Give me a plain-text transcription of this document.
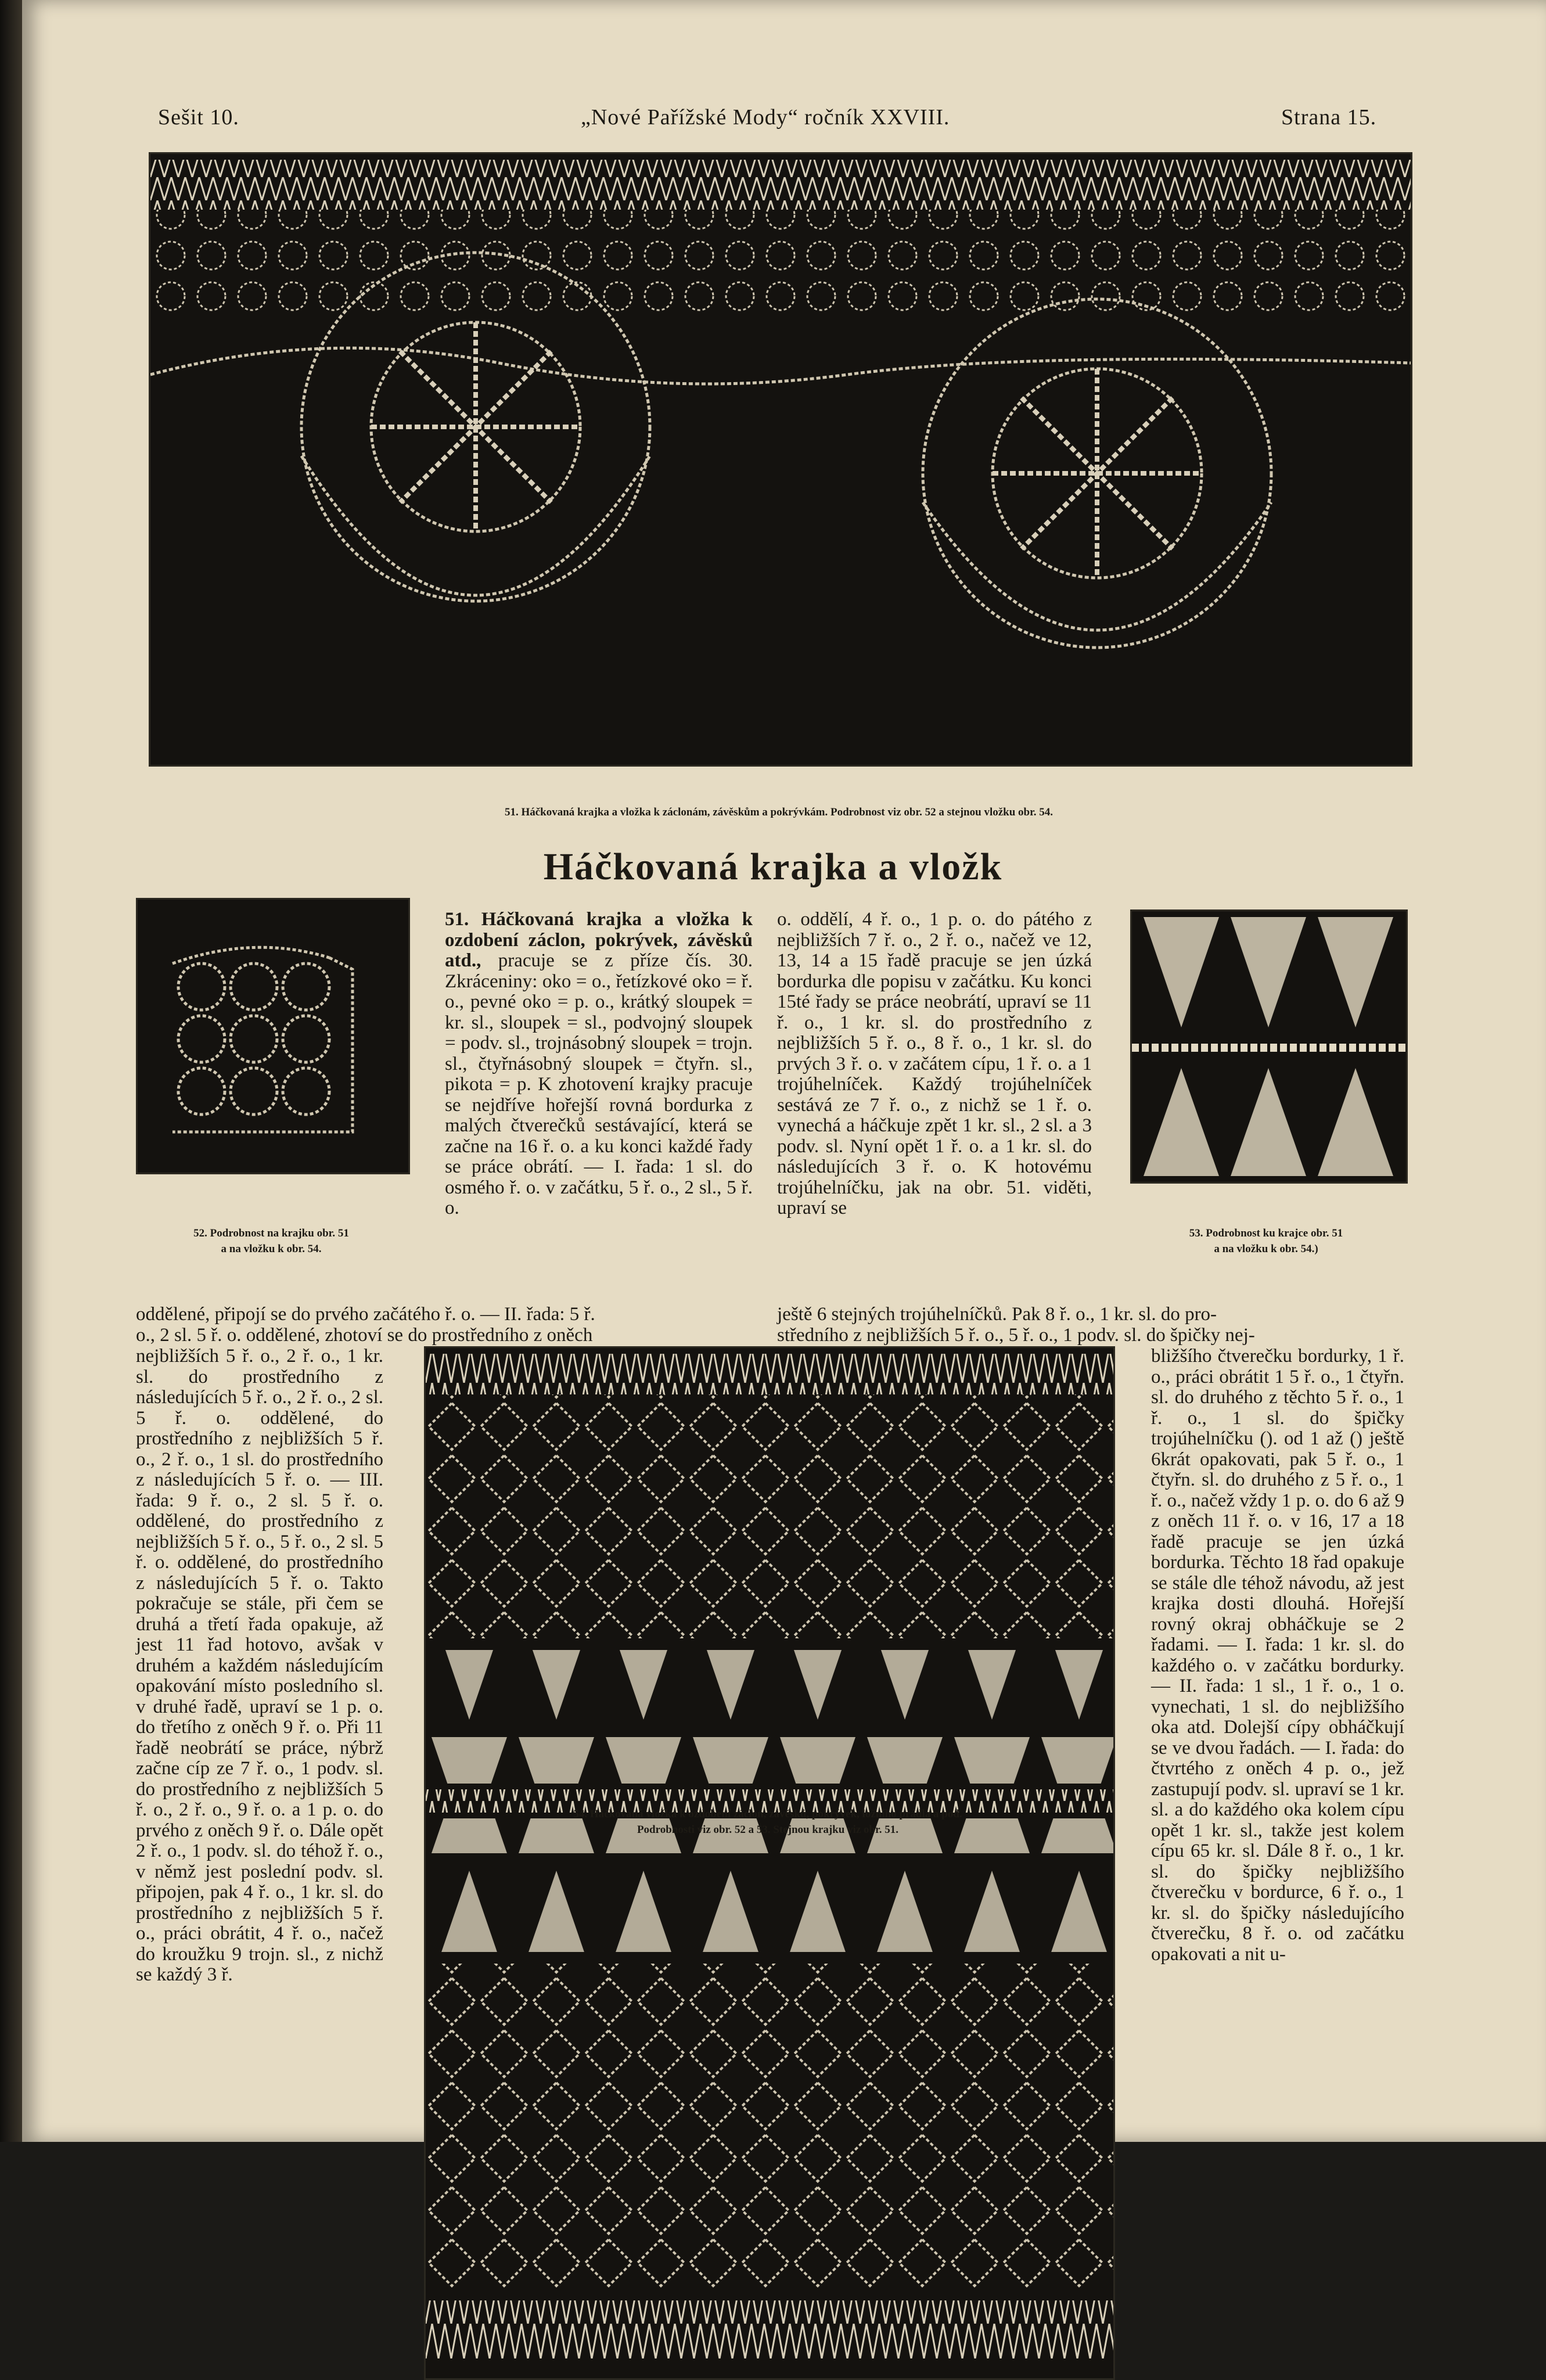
Sešit 10.	„Nové Pařížské Mody“ ročník XXVIII.	Strana 15.
51. Háčkovaná krajka a vložka k záclonám, závěskům a pokrývkám. Podrobnost viz obr. 52 a stejnou vložku obr. 54.
Háčkovaná krajka a vložk
52. Podrobnost na krajku obr. 51
a na vložku k obr. 54.
53. Podrobnost ku krajce obr. 51
a na vložku k obr. 54.)

51. Háčkovaná krajka a vložka k ozdobení záclon, pokrývek, závěsků atd., pracuje se z příze čís. 30. Zkráceniny: oko = o., řetízkové oko = ř. o., pevné oko = p. o., krátký sloupek = kr. sl., sloupek = sl., podvojný sloupek = podv. sl., trojnásobný sloupek = trojn. sl., čtyřnásobný sloupek = čtyřn. sl., pikota = p. K zhotovení krajky pracuje se nejdříve hořejší rovná bordurka z malých čtverečků sestávající, která se začne na 16 ř. o. a ku konci každé řady se práce obrátí. — I. řada: 1 sl. do osmého ř. o. v začátku, 5 ř. o., 2 sl., 5 ř. o.

o. oddělí, 4 ř. o., 1 p. o. do pátého z nejbližších 7 ř. o., 2 ř. o., načež ve 12, 13, 14 a 15 řadě pracuje se jen úzká bordurka dle popisu v začátku. Ku konci 15té řady se práce neobrátí, upraví se 11 ř. o., 1 kr. sl. do prostředního z nejbližších 5 ř. o., 8 ř. o., 1 kr. sl. do prvých 3 ř. o. v začátem cípu, 1 ř. o. a 1 trojúhelníček. Každý trojúhelníček sestává ze 7 ř. o., z nichž se 1 ř. o. vynechá a háčkuje zpět 1 kr. sl., 2 sl. a 3 podv. sl. Nyní opět 1 ř. o. a 1 kr. sl. do následujících 3 ř. o. K hotovému trojúhelníčku, jak na obr. 51. viděti, upraví se
oddělené, připojí se do prvého začátého ř. o. — II. řada: 5 ř.	ještě 6 stejných trojúhelníčků. Pak 8 ř. o., 1 kr. sl. do pro-
o., 2 sl. 5 ř. o. oddělené, zhotoví se do prostředního z oněch	středního z nejbližších 5 ř. o., 5 ř. o., 1 podv. sl. do špičky nej-
nejbližších 5 ř. o., 2 ř. o., 1 kr. sl. do prostředního z následujících 5 ř. o., 2 ř. o., 2 sl. 5 ř. o. oddělené, do prostředního z nejbližších 5 ř. o., 2 ř. o., 1 sl. do prostředního z následujících 5 ř. o. — III. řada: 9 ř. o., 2 sl. 5 ř. o. oddělené, do prostředního z nejbližších 5 ř. o., 5 ř. o., 2 sl. 5 ř. o. oddělené, do prostředního z následujících 5 ř. o. Takto pokračuje se stále, při čem se druhá a třetí řada opakuje, až jest 11 řad hotovo, avšak v druhém a každém následujícím opakování místo posledního sl. v druhé řadě, upraví se 1 p. o. do třetího z oněch 9 ř. o. Při 11 řadě neobrátí se práce, nýbrž začne cíp ze 7 ř. o., 1 podv. sl. do prostředního z nejbližších 5 ř. o., 2 ř. o., 9 ř. o. a 1 p. o. do prvého z oněch 9 ř. o. Dále opět 2 ř. o., 1 podv. sl. do téhož ř. o., v němž jest poslední podv. sl. připojen, pak 4 ř. o., 1 kr. sl. do prostředního z nejbližších 5 ř. o., práci obrátit, 4 ř. o., načež do kroužku 9 trojn. sl., z nichž se každý 3 ř.
54. Háčkovaná vložka k ozdobení záclon, závěsků, pokrývek, ložního prádla a pod.
Podrobnosti viz obr. 52 a 53. Stejnou krajku viz obr. 51.
bližšího čtverečku bordurky, 1 ř. o., práci obrátit 1 5 ř. o., 1 čtyřn. sl. do druhého z těchto 5 ř. o., 1 ř. o., 1 sl. do špičky trojúhelníčku (). od 1 až () ještě 6krát opakovati, pak 5 ř. o., 1 čtyřn. sl. do druhého z 5 ř. o., 1 ř. o., načež vždy 1 p. o. do 6 až 9 z oněch 11 ř. o. v 16, 17 a 18 řadě pracuje se jen úzká bordurka. Těchto 18 řad opakuje se stále dle téhož návodu, až jest krajka dosti dlouhá. Hořejší rovný okraj obháčkuje se 2 řadami. — I. řada: 1 kr. sl. do každého o. v začátku bordurky. — II. řada: 1 sl., 1 ř. o., 1 o. vynechati, 1 sl. do nejbližšího oka atd. Dolejší cípy obháčkují se ve dvou řadách. — I. řada: do čtvrtého z oněch 4 p. o., jež zastupují podv. sl. upraví se 1 kr. sl. a do každého oka kolem cípu opět 1 kr. sl., takže jest kolem cípu 65 kr. sl. Dále 8 ř. o., 1 kr. sl. do špičky nejbližšího čtverečku v bordurce, 6 ř. o., 1 kr. sl. do špičky následujícího čtverečku, 8 ř. o. od začátku opakovati a nit u-
